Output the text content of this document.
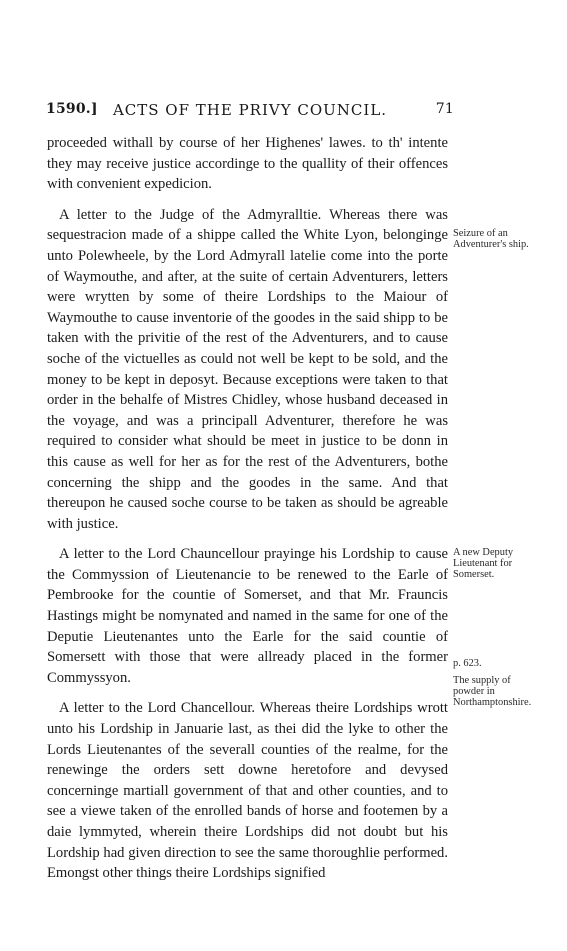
1590.]	ACTS OF THE PRIVY COUNCIL.	71

proceeded withall by course of her Highenes' lawes. to th' intente they may receive justice accordinge to the quallity of their offences with convenient expedicion.

A letter to the Judge of the Admyralltie. Whereas there was sequestracion made of a shippe called the White Lyon, belonginge unto Polewheele, by the Lord Admyrall latelie come into the porte of Waymouthe, and after, at the suite of certain Adventurers, letters were wrytten by some of theire Lordships to the Maiour of Waymouthe to cause inventorie of the goodes in the said shipp to be taken with the privitie of the rest of the Adventurers, and to cause soche of the victuelles as could not well be kept to be sold, and the money to be kept in deposyt. Because exceptions were taken to that order in the behalfe of Mistres Chidley, whose husband deceased in the voyage, and was a principall Adventurer, therefore he was required to consider what should be meet in justice to be donn in this cause as well for her as for the rest of the Adventurers, bothe concerning the shipp and the goodes in the same. And that thereupon he caused soche course to be taken as should be agreable with justice.

A letter to the Lord Chauncellour prayinge his Lordship to cause the Commyssion of Lieutenancie to be renewed to the Earle of Pembrooke for the countie of Somerset, and that Mr. Frauncis Hastings might be nomynated and named in the same for one of the Deputie Lieutenantes unto the Earle for the said countie of Somersett with those that were allready placed in the former Commyssyon.

A letter to the Lord Chancellour. Whereas theire Lordships wrott unto his Lordship in Januarie last, as thei did the lyke to other the Lords Lieutenantes of the severall counties of the realme, for the renewinge the orders sett downe heretofore and devysed concerninge martiall government of that and other counties, and to see a viewe taken of the enrolled bands of horse and footemen by a daie lymmyted, wherein theire Lordships did not doubt but his Lordship had given direction to see the same thoroughlie performed. Emongst other things theire Lordships signified

Seizure of an Adventurer's ship.
A new Deputy Lieutenant for Somerset.
p. 623.
The supply of powder in Northamptonshire.
